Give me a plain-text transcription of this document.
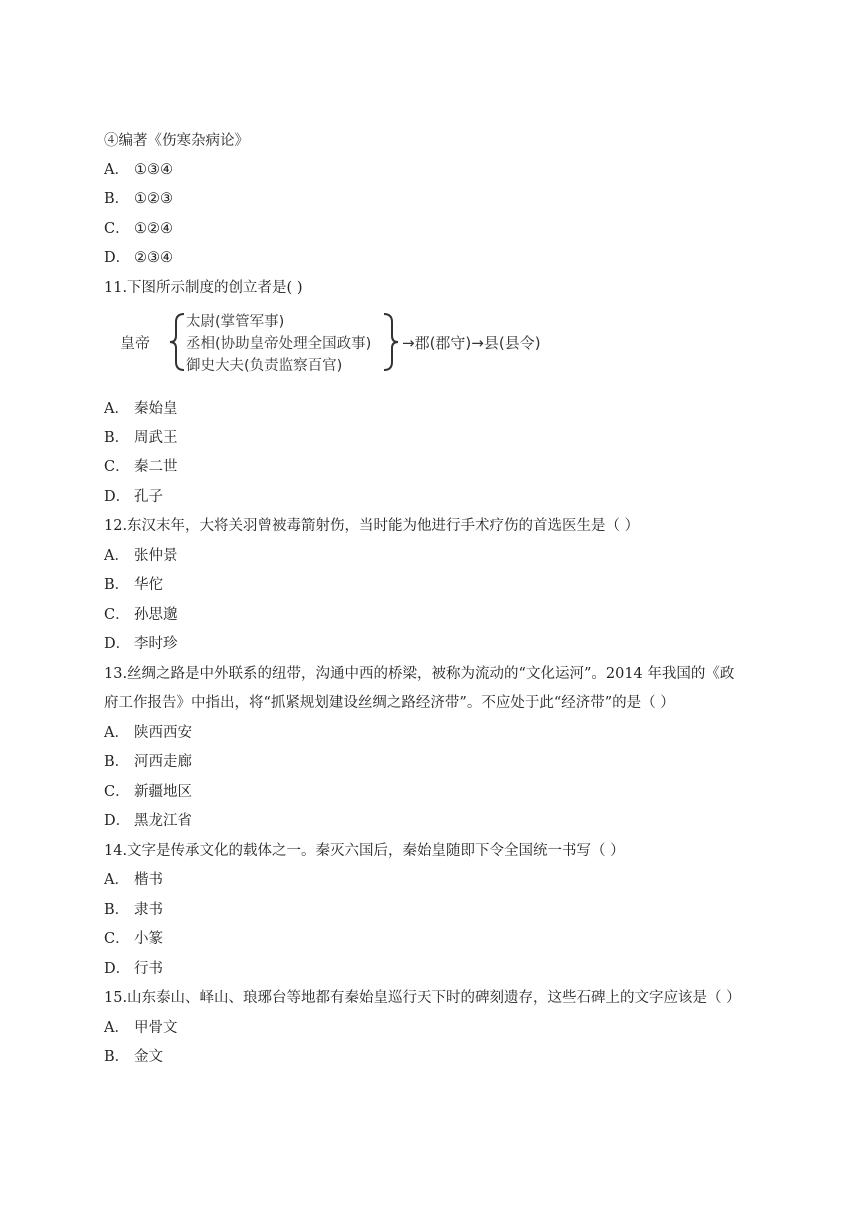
④编著《伤寒杂病论》
A． ①③④
B． ①②③
C． ①②④
D． ②③④
11.下图所示制度的创立者是( )
皇帝
太尉(掌管军事)
丞相(协助皇帝处理全国政事)
御史大夫(负责监察百官)
→郡(郡守)→县(县令)
A． 秦始皇
B． 周武王
C． 秦二世
D． 孔子
12.东汉末年，大将关羽曾被毒箭射伤，当时能为他进行手术疗伤的首选医生是（ ）
A． 张仲景
B． 华佗
C． 孙思邈
D． 李时珍
13.丝绸之路是中外联系的纽带，沟通中西的桥梁，被称为流动的“文化运河”。2014 年我国的《政
府工作报告》中指出，将“抓紧规划建设丝绸之路经济带”。不应处于此“经济带”的是（ ）
A． 陕西西安
B． 河西走廊
C． 新疆地区
D． 黑龙江省
14.文字是传承文化的载体之一。秦灭六国后，秦始皇随即下令全国统一书写（ ）
A． 楷书
B． 隶书
C． 小篆
D． 行书
15.山东泰山、峄山、琅琊台等地都有秦始皇巡行天下时的碑刻遗存，这些石碑上的文字应该是（ ）
A． 甲骨文
B． 金文
